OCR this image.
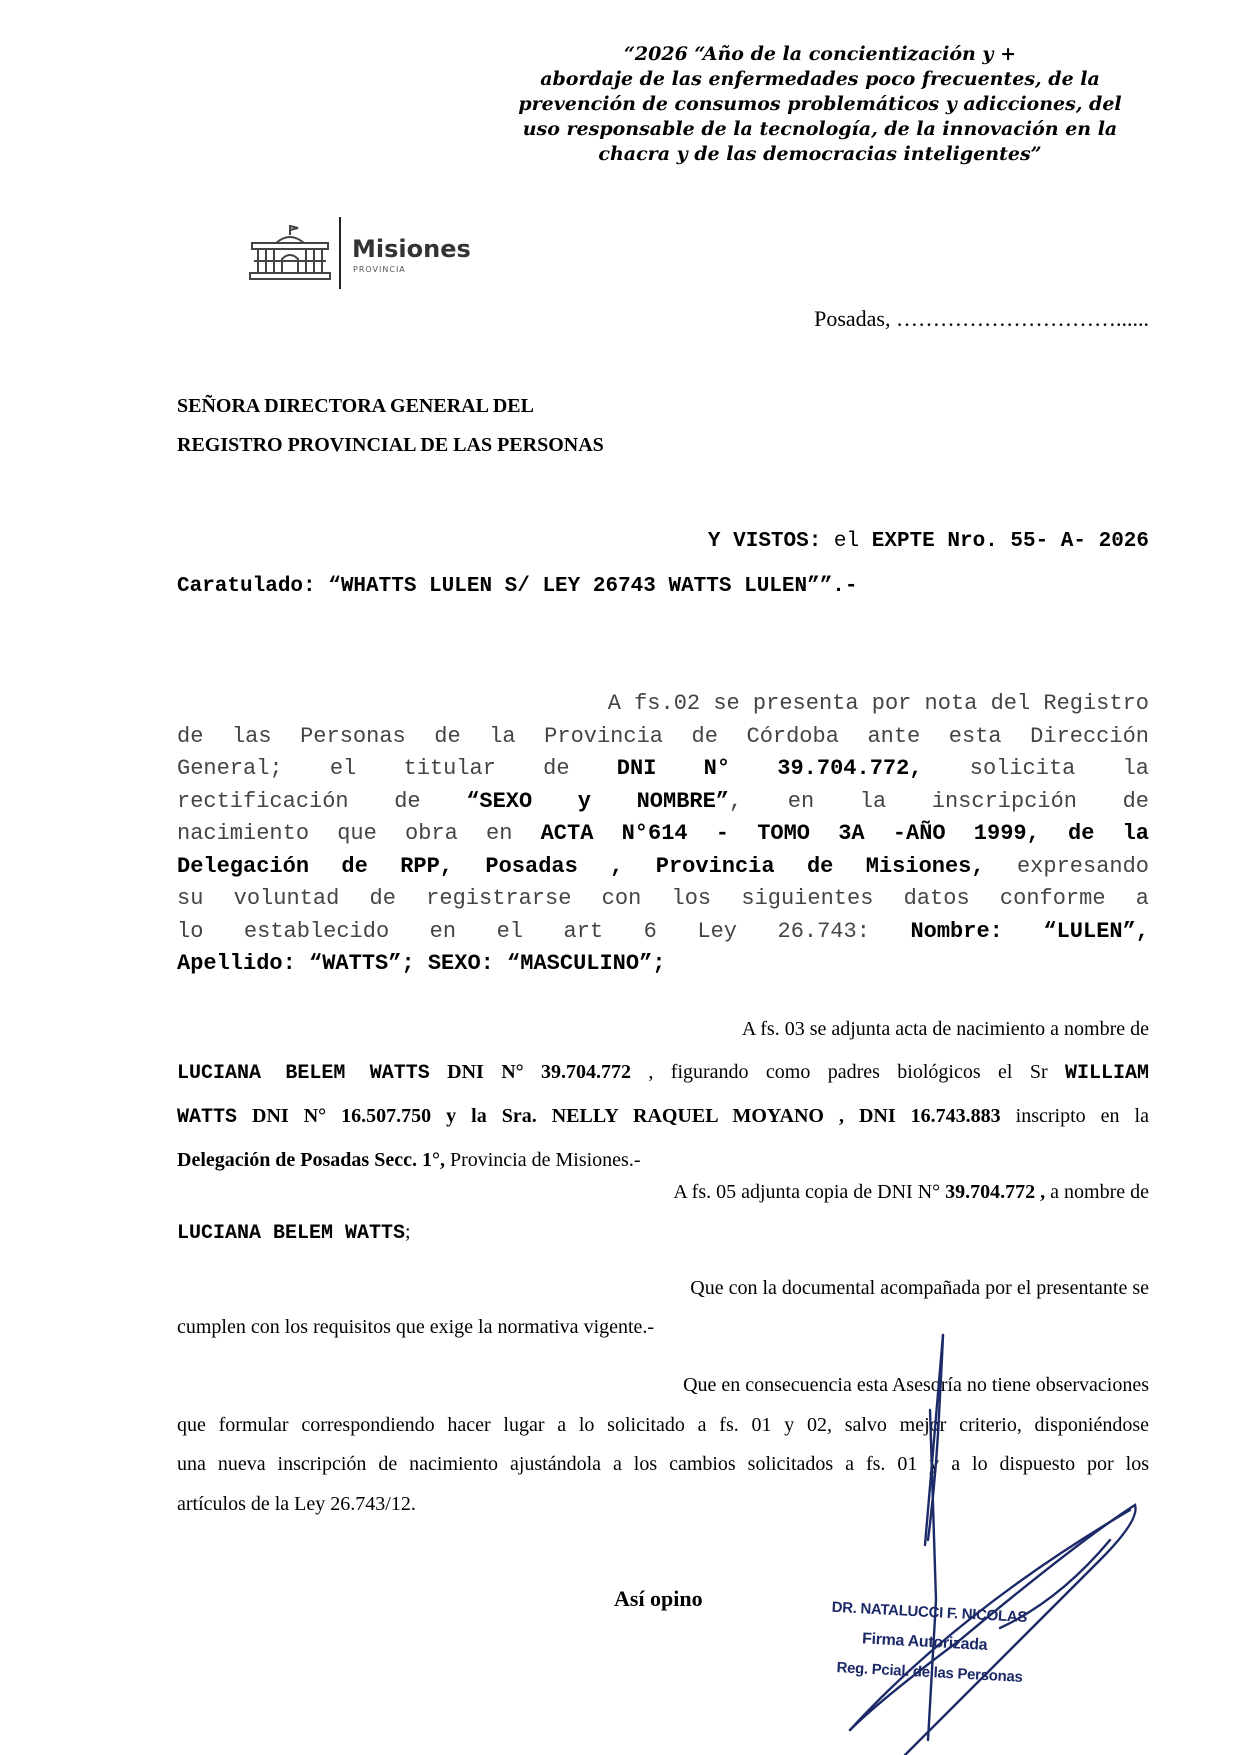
“2026 “Año de la concientización y +
abordaje de las enfermedades poco frecuentes, de la
prevención de consumos problemáticos y adicciones, del
uso responsable de la tecnología, de la innovación en la
chacra y de las democracias inteligentes”
Misiones
PROVINCIA
Posadas, …………………………......
SEÑORA DIRECTORA GENERAL DEL
REGISTRO PROVINCIAL DE LAS PERSONAS
Y VISTOS: el EXPTE Nro. 55- A- 2026
Caratulado: “WHATTS LULEN S/ LEY 26743 WATTS LULEN””.-
A fs.02 se presenta por nota del Registro
de las Personas de la Provincia de Córdoba ante esta Dirección
General; el titular de DNI N° 39.704.772, solicita la
rectificación de “SEXO y NOMBRE”, en la inscripción de
nacimiento que obra en ACTA N°614 - TOMO 3A -AÑO 1999, de la
Delegación de RPP, Posadas , Provincia de Misiones, expresando
su voluntad de registrarse con los siguientes datos conforme a
lo establecido en el art 6 Ley 26.743: Nombre: “LULEN”,
Apellido: “WATTS”; SEXO: “MASCULINO”;
A fs. 03 se adjunta acta de nacimiento a nombre de
LUCIANA BELEM WATTS DNI N° 39.704.772 , figurando como padres biológicos el Sr WILLIAM
WATTS DNI N° 16.507.750 y la Sra. NELLY RAQUEL MOYANO , DNI 16.743.883 inscripto en la
Delegación de Posadas Secc. 1°, Provincia de Misiones.-
A fs. 05 adjunta copia de DNI N° 39.704.772 , a nombre de
LUCIANA BELEM WATTS;
Que con la documental acompañada por el presentante se
cumplen con los requisitos que exige la normativa vigente.-
Que en consecuencia esta Asesoría no tiene observaciones
que formular correspondiendo hacer lugar a lo solicitado a fs. 01 y 02, salvo mejor criterio, disponiéndose
una nueva inscripción de nacimiento ajustándola a los cambios solicitados a fs. 01 y a lo dispuesto por los
artículos de la Ley 26.743/12.
Así opino
DR. NATALUCCI F. NICOLAS
Firma Autorizada
Reg. Pcial. de las Personas
